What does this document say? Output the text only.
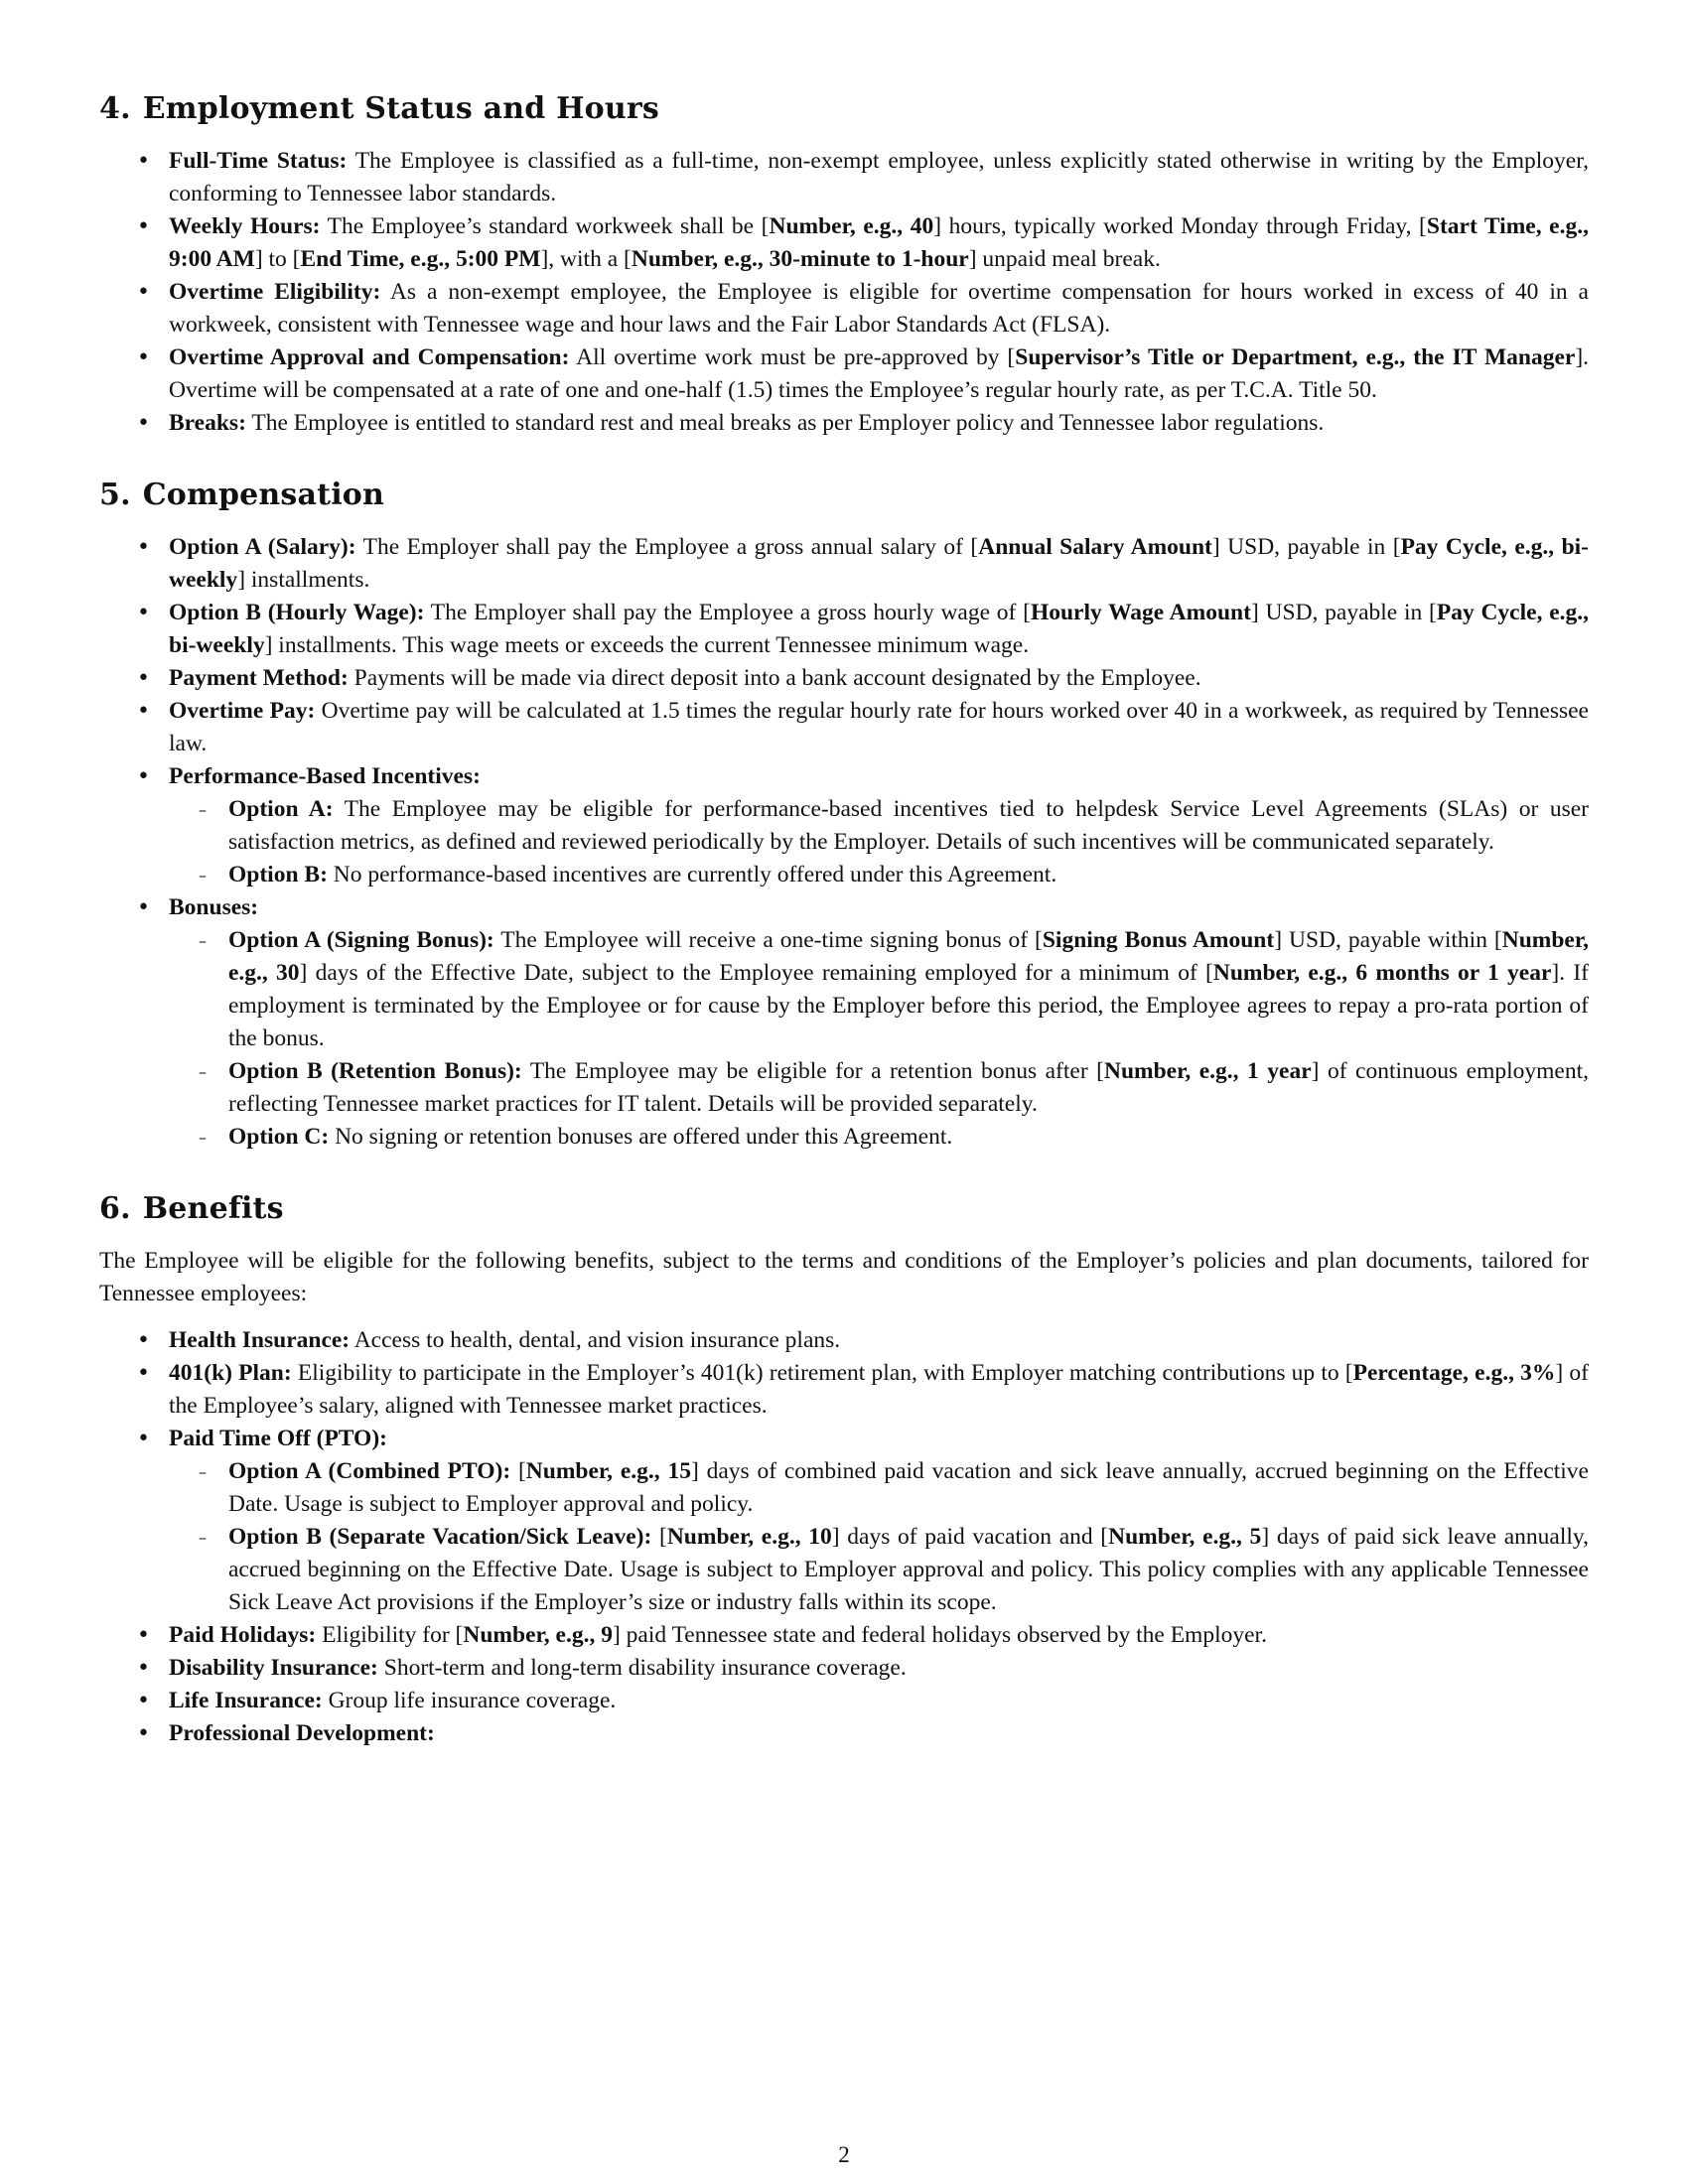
4. Employment Status and Hours

• Full-Time Status: The Employee is classified as a full-time, non-exempt employee, unless explicitly stated otherwise in writing by the Employer, conforming to Tennessee labor standards.

• Weekly Hours: The Employee’s standard workweek shall be [Number, e.g., 40] hours, typically worked Monday through Friday, [Start Time, e.g., 9:00 AM] to [End Time, e.g., 5:00 PM], with a [Number, e.g., 30-minute to 1-hour] unpaid meal break.

• Overtime Eligibility: As a non-exempt employee, the Employee is eligible for overtime compensation for hours worked in excess of 40 in a workweek, consistent with Tennessee wage and hour laws and the Fair Labor Standards Act (FLSA).

• Overtime Approval and Compensation: All overtime work must be pre-approved by [Supervisor’s Title or Department, e.g., the IT Manager]. Overtime will be compensated at a rate of one and one-half (1.5) times the Employee’s regular hourly rate, as per T.C.A. Title 50.

• Breaks: The Employee is entitled to standard rest and meal breaks as per Employer policy and Tennessee labor regulations.

5. Compensation

• Option A (Salary): The Employer shall pay the Employee a gross annual salary of [Annual Salary Amount] USD, payable in [Pay Cycle, e.g., bi-weekly] installments.

• Option B (Hourly Wage): The Employer shall pay the Employee a gross hourly wage of [Hourly Wage Amount] USD, payable in [Pay Cycle, e.g., bi-weekly] installments. This wage meets or exceeds the current Tennessee minimum wage.

• Payment Method: Payments will be made via direct deposit into a bank account designated by the Employee.

• Overtime Pay: Overtime pay will be calculated at 1.5 times the regular hourly rate for hours worked over 40 in a workweek, as required by Tennessee law.

• Performance-Based Incentives:

– Option A: The Employee may be eligible for performance-based incentives tied to helpdesk Service Level Agreements (SLAs) or user satisfaction metrics, as defined and reviewed periodically by the Employer. Details of such incentives will be communicated separately.

– Option B: No performance-based incentives are currently offered under this Agreement.

• Bonuses:

– Option A (Signing Bonus): The Employee will receive a one-time signing bonus of [Signing Bonus Amount] USD, payable within [Number, e.g., 30] days of the Effective Date, subject to the Employee remaining employed for a minimum of [Number, e.g., 6 months or 1 year]. If employment is terminated by the Employee or for cause by the Employer before this period, the Employee agrees to repay a pro-rata portion of the bonus.

– Option B (Retention Bonus): The Employee may be eligible for a retention bonus after [Number, e.g., 1 year] of continuous employment, reflecting Tennessee market practices for IT talent. Details will be provided separately.

– Option C: No signing or retention bonuses are offered under this Agreement.

6. Benefits

The Employee will be eligible for the following benefits, subject to the terms and conditions of the Employer’s policies and plan documents, tailored for Tennessee employees:

• Health Insurance: Access to health, dental, and vision insurance plans.

• 401(k) Plan: Eligibility to participate in the Employer’s 401(k) retirement plan, with Employer matching contributions up to [Percentage, e.g., 3%] of the Employee’s salary, aligned with Tennessee market practices.

• Paid Time Off (PTO):

– Option A (Combined PTO): [Number, e.g., 15] days of combined paid vacation and sick leave annually, accrued beginning on the Effective Date. Usage is subject to Employer approval and policy.

– Option B (Separate Vacation/Sick Leave): [Number, e.g., 10] days of paid vacation and [Number, e.g., 5] days of paid sick leave annually, accrued beginning on the Effective Date. Usage is subject to Employer approval and policy. This policy complies with any applicable Tennessee Sick Leave Act provisions if the Employer’s size or industry falls within its scope.

• Paid Holidays: Eligibility for [Number, e.g., 9] paid Tennessee state and federal holidays observed by the Employer.

• Disability Insurance: Short-term and long-term disability insurance coverage.

• Life Insurance: Group life insurance coverage.

• Professional Development:

2
